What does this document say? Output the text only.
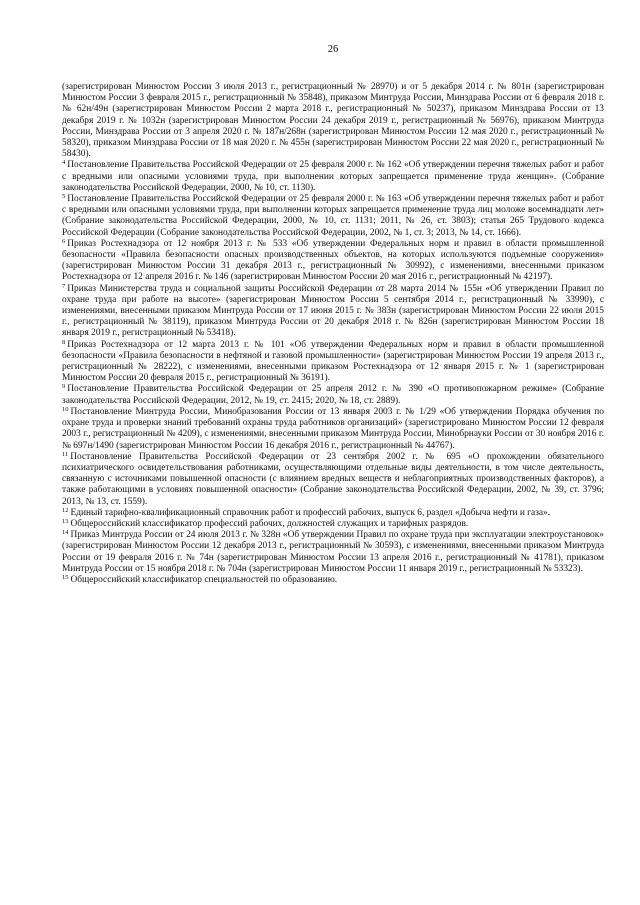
26

(зарегистрирован Минюстом России 3 июля 2013 г., регистрационный № 28970) и от 5 декабря 2014 г. № 801н (зарегистрирован Минюстом России 3 февраля 2015 г., регистрационный № 35848), приказом Минтруда России, Минздрава России от 6 февраля 2018 г. № 62н/49н (зарегистрирован Минюстом России 2 марта 2018 г., регистрационный № 50237), приказом Минздрава России от 13 декабря 2019 г. № 1032н (зарегистрирован Минюстом России 24 декабря 2019 г., регистрационный № 56976), приказом Минтруда России, Минздрава России от 3 апреля 2020 г. № 187н/268н (зарегистрирован Минюстом России 12 мая 2020 г., регистрационный № 58320), приказом Минздрава России от 18 мая 2020 г. № 455н (зарегистрирован Минюстом России 22 мая 2020 г., регистрационный № 58430).

$^4$ Постановление Правительства Российской Федерации от 25 февраля 2000 г. № 162 «Об утверждении перечня тяжелых работ и работ с вредными или опасными условиями труда, при выполнении которых запрещается применение труда женщин». (Собрание законодательства Российской Федерации, 2000, № 10, ст. 1130).

$^5$ Постановление Правительства Российской Федерации от 25 февраля 2000 г. № 163 «Об утверждении перечня тяжелых работ и работ с вредными или опасными условиями труда, при выполнении которых запрещается применение труда лиц моложе восемнадцати лет» (Собрание законодательства Российской Федерации, 2000, № 10, ст. 1131; 2011, № 26, ст. 3803); статья 265 Трудового кодекса Российской Федерации (Собрание законодательства Российской Федерации, 2002, № 1, ст. 3; 2013, № 14, ст. 1666).

$^6$ Приказ Ростехнадзора от 12 ноября 2013 г. № 533 «Об утверждении Федеральных норм и правил в области промышленной безопасности «Правила безопасности опасных производственных объектов, на которых используются подъемные сооружения» (зарегистрирован Минюстом России 31 декабря 2013 г., регистрационный № 30992), с изменениями, внесенными приказом Ростехнадзора от 12 апреля 2016 г. № 146 (зарегистрирован Минюстом России 20 мая 2016 г., регистрационный № 42197).

$^7$ Приказ Министерства труда и социальной защиты Российской Федерации от 28 марта 2014 № 155н «Об утверждении Правил по охране труда при работе на высоте» (зарегистрирован Минюстом России 5 сентября 2014 г., регистрационный № 33990), с изменениями, внесенными приказом Минтруда России от 17 июня 2015 г. № 383н (зарегистрирован Минюстом России 22 июля 2015 г., регистрационный № 38119), приказом Минтруда России от 20 декабря 2018 г. № 826н (зарегистрирован Минюстом России 18 января 2019 г., регистрационный № 53418).

$^8$ Приказ Ростехнадзора от 12 марта 2013 г. № 101 «Об утверждении Федеральных норм и правил в области промышленной безопасности «Правила безопасности в нефтяной и газовой промышленности» (зарегистрирован Минюстом России 19 апреля 2013 г., регистрационный № 28222), с изменениями, внесенными приказом Ростехнадзора от 12 января 2015 г. № 1 (зарегистрирован Минюстом России 20 февраля 2015 г., регистрационный № 36191).

$^9$ Постановление Правительства Российской Федерации от 25 апреля 2012 г. № 390 «О противопожарном режиме» (Собрание законодательства Российской Федерации, 2012, № 19, ст. 2415; 2020, № 18, ст. 2889).

$^{10}$ Постановление Минтруда России, Минобразования России от 13 января 2003 г. № 1/29 «Об утверждении Порядка обучения по охране труда и проверки знаний требований охраны труда работников организаций» (зарегистрировано Минюстом России 12 февраля 2003 г., регистрационный № 4209), с изменениями, внесенными приказом Минтруда России, Минобрнауки России от 30 ноября 2016 г. № 697н/1490 (зарегистрирован Минюстом России 16 декабря 2016 г., регистрационный № 44767).

$^{11}$ Постановление Правительства Российской Федерации от 23 сентября 2002 г. № 695 «О прохождении обязательного психиатрического освидетельствования работниками, осуществляющими отдельные виды деятельности, в том числе деятельность, связанную с источниками повышенной опасности (с влиянием вредных веществ и неблагоприятных производственных факторов), а также работающими в условиях повышенной опасности» (Собрание законодательства Российской Федерации, 2002, № 39, ст. 3796; 2013, № 13, ст. 1559).

$^{12}$ Единый тарифно-квалификационный справочник работ и профессий рабочих, выпуск 6, раздел «Добыча нефти и газа».

$^{13}$ Общероссийский классификатор профессий рабочих, должностей служащих и тарифных разрядов.

$^{14}$ Приказ Минтруда России от 24 июля 2013 г. № 328н «Об утверждении Правил по охране труда при эксплуатации электроустановок» (зарегистрирован Минюстом России 12 декабря 2013 г., регистрационный № 30593), с изменениями, внесенными приказом Минтруда России от 19 февраля 2016 г. № 74н (зарегистрирован Минюстом России 13 апреля 2016 г., регистрационный № 41781), приказом Минтруда России от 15 ноября 2018 г. № 704н (зарегистрирован Минюстом России 11 января 2019 г., регистрационный № 53323).

$^{15}$ Общероссийский классификатор специальностей по образованию.
